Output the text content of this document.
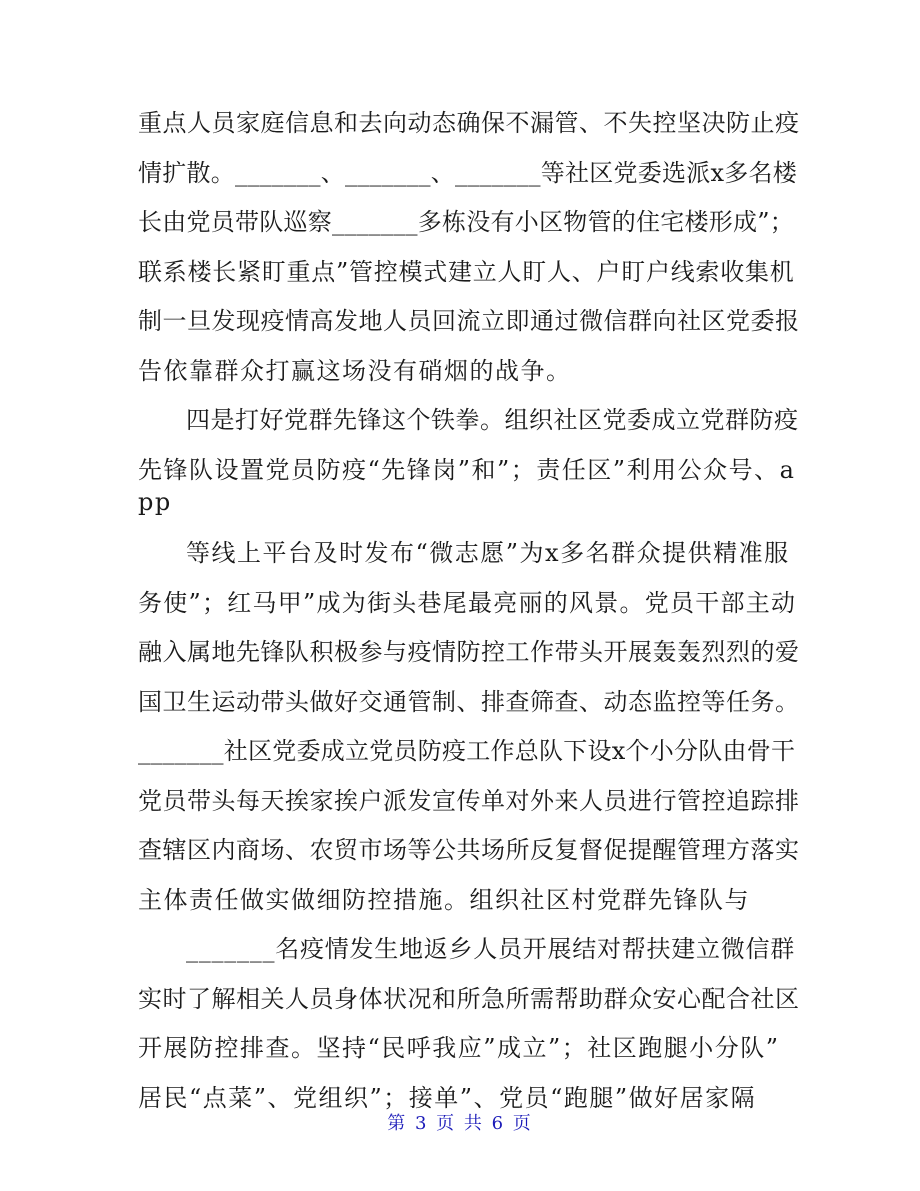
重点人员家庭信息和去向动态确保不漏管、不失控坚决防止疫
情扩散。_______、_______、_______等社区党委选派x多名楼
长由党员带队巡察_______多栋没有小区物管的住宅楼形成”；
联系楼长紧盯重点”管控模式建立人盯人、户盯户线索收集机
制一旦发现疫情高发地人员回流立即通过微信群向社区党委报
告依靠群众打赢这场没有硝烟的战争。
四是打好党群先锋这个铁拳。组织社区党委成立党群防疫
先锋队设置党员防疫“先锋岗”和”；责任区”利用公众号、a
pp
等线上平台及时发布“微志愿”为x多名群众提供精准服
务使”；红马甲”成为街头巷尾最亮丽的风景。党员干部主动
融入属地先锋队积极参与疫情防控工作带头开展轰轰烈烈的爱
国卫生运动带头做好交通管制、排查筛查、动态监控等任务。
_______社区党委成立党员防疫工作总队下设x个小分队由骨干
党员带头每天挨家挨户派发宣传单对外来人员进行管控追踪排
查辖区内商场、农贸市场等公共场所反复督促提醒管理方落实
主体责任做实做细防控措施。组织社区村党群先锋队与
_______名疫情发生地返乡人员开展结对帮扶建立微信群
实时了解相关人员身体状况和所急所需帮助群众安心配合社区
开展防控排查。坚持“民呼我应”成立”；社区跑腿小分队”
居民“点菜”、党组织”；接单”、党员“跑腿”做好居家隔
第 3 页 共 6 页
